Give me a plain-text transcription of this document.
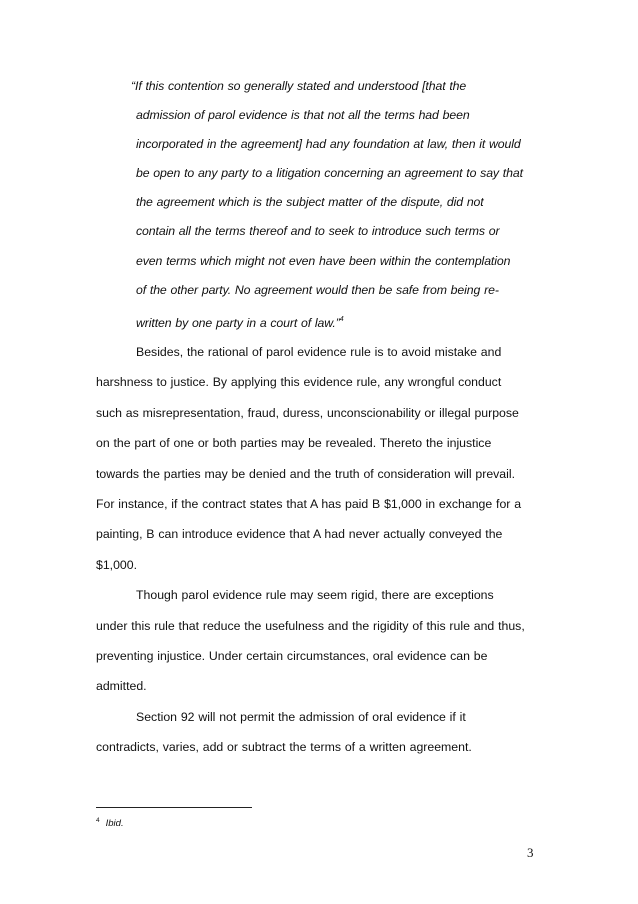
“If this contention so generally stated and understood [that the
admission of parol evidence is that not all the terms had been
incorporated in the agreement] had any foundation at law, then it would
be open to any party to a litigation concerning an agreement to say that
the agreement which is the subject matter of the dispute, did not
contain all the terms thereof and to seek to introduce such terms or
even terms which might not even have been within the contemplation
of the other party. No agreement would then be safe from being re-
written by one party in a court of law.”$^4$
Besides, the rational of parol evidence rule is to avoid mistake and
harshness to justice. By applying this evidence rule, any wrongful conduct
such as misrepresentation, fraud, duress, unconscionability or illegal purpose
on the part of one or both parties may be revealed. Thereto the injustice
towards the parties may be denied and the truth of consideration will prevail.
For instance, if the contract states that A has paid B $1,000 in exchange for a
painting, B can introduce evidence that A had never actually conveyed the
$1,000.
Though parol evidence rule may seem rigid, there are exceptions
under this rule that reduce the usefulness and the rigidity of this rule and thus,
preventing injustice. Under certain circumstances, oral evidence can be
admitted.
Section 92 will not permit the admission of oral evidence if it
contradicts, varies, add or subtract the terms of a written agreement.
$^4$ Ibid.
3
